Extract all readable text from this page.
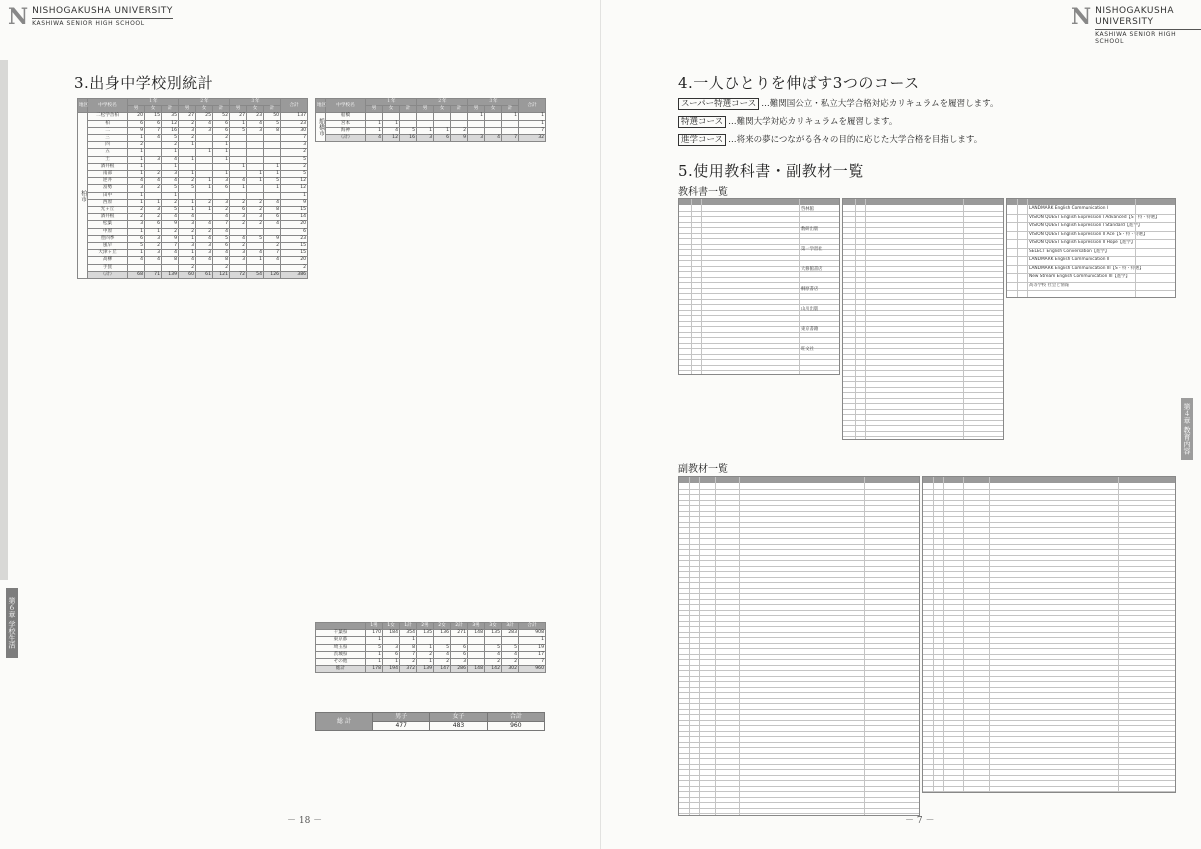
N NISHOGAKUSHA UNIVERSITY
KASHIWA SENIOR HIGH SCHOOL
第６章 学校生活
3.出身中学校別統計
地区	中学校名	１年			２年			３年			合計
		男	女	計	男	女	計	男	女	計	
柏市	二松学舎柏	20	15	35	27	25	52	27	23	50	137
	柏	6	6	12	2	4	6	1	4	5	23
	二	9	7	16	3	3	6	5	3	8	30
	三	1	4	5	2		2				7
	四	2		2	1		1				3
	五	1		1		1	1				2
	土	1	3	4	1		1				5
	酒井根	1		1				1		1	2
	南部	1	2	3	1		1		1	1	5
	逆井	4	4	4	2	1	3	4	1	5	12
	富勢	3	2	5	5	1	6	1		1	12
	田中	1		1							1
	西原	1	1	2	1	2	3	2	2	4	9
	光ヶ丘	2	3	5	1	1	2	6	2	8	15
	酒井根	2	2	4	4		4	3	3	6	14
	松葉	3	6	9	3	4	7	2	2	4	20
	中原	1	1	2	2	2	4				6
	豊四季	6	3	9	1	4	5	4	5	9	23
	風早	5	2	7	3	3	6	2		2	15
	大津ヶ丘	1	3	4	1	3	4	3	4	7	15
	高柳	4	4	8	4	4	8	3	1	4	20
	手賀				2		2				2
	（計）	68	71	139	60	61	121	72	54	126	386
地区	中学校名	１年			２年			３年			合計
		男	女	計	男	女	計	男	女	計	
船橋市	船橋							1		1	1
	宮本	1	1								1
	海神	1	4	5	1	1	2				7
	（計）	4	12	16	3	6	9	3	4	7	32
	1男	1女	1計	2男	2女	2計	3男	3女	3計	合計
千葉県	170	184	354	135	136	271	148	135	283	908
東京都	1		1							1
埼玉県	5	3	8	1	5	6		5	5	19
茨城県	1	6	7	2	4	6		4	4	17
その他	1	1	2	1	2	3		2	2	7
総計	178	194	372	139	147	286	148	142	302	960
総 計	男子	女子	合計
	477	483	960
－ 18 －
N NISHOGAKUSHA UNIVERSITY
KASHIWA SENIOR HIGH SCHOOL
第４章 教育内容
4.一人ひとりを伸ばす3つのコース
スーパー特選コース …難関国公立・私立大学合格対応カリキュラムを履習します。
特選コース …難関大学対応カリキュラムを履習します。
進学コース …将来の夢につながる各々の目的に応じた大学合格を目指します。
5.使用教科書・副教材一覧
教科書一覧
啓林館
数研出版
第一学習社
大修館書店
桐原書店
山川出版
東京書籍
旺文社
LANDMARK English Communication I
VISION QUEST English Expression I Advanced【S・特・特選】
VISION QUEST English Expression I Standard【進学】
VISION QUEST English Expression II Ace【S・特・特選】
VISION QUEST English Expression II Hope【進学】
SELECT English Conversation【進学】
LANDMARK English Communication II
LANDMARK English Communication III【S・特・特選】
New Stream English Communication III【進学】
高等学校 社会と情報
副教材一覧
－ 7 －
